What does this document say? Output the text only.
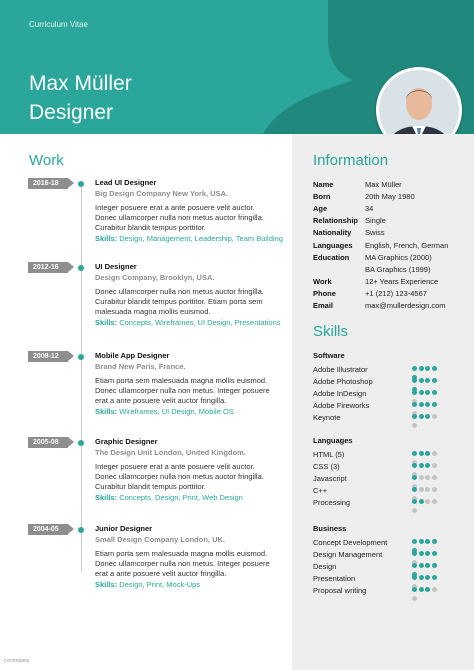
Curriculum Vitae
Max Müller
Designer
Work	Information
Skills
2016-18	Lead UI Designer
Big Design Company New York, USA.
Integer posuere erat a ante posuere velit auctor.
Donec ullamcorper nulla non metus auctor fringilla.
Curabitur blandit tempus porttitor.
Skills: Design, Management, Leadership, Team Building
2012-16	UI Designer
Design Company, Brooklyn, USA.
Donec ullamcorper nulla non metus auctor fringilla.
Curabitur blandit tempus porttitor. Etiam porta sem
malesuada magna mollis euismod.
Skills: Concepts, Wireframes, UI Design, Presentations
2008-12	Mobile App Designer
Brand New Paris, France.
Etiam porta sem malesuada magna mollis euismod.
Donec ullamcorper nulla non metus. Integer posuere
erat a ante posuere velit auctor fringilla.
Skills: Wireframes, UI Design, Mobile OS
2005-08	Graphic Designer
The Design Unit London, United Kingdom.
Integer posuere erat a ante posuere velit auctor.
Donec ullamcorper nulla non metus auctor fringilla.
Curabitur blandit tempus porttitor.
Skills: Concepts, Design, Print, Web Design
2004-05	Junior Designer
Small Design Company London, UK.
Etiam porta sem malesuada magna mollis euismod.
Donec ullamcorper nulla non metus. Integer posuere
erat a ante posuere velit auctor fringilla.
Skills: Design, Print, Mock-Ups
Name	Max Müller
Born	20th May 1980
Age	34
Relationship Single
Nationality Swiss
Languages English, French, German
Education MA Graphics (2000)
BA Graphics (1999)
Work	12+ Years Experience
Phone	+1 (212) 123-4567
Email	max@mullerdesign.com
Software
Adobe Illustrator
Adobe Photoshop
Adobe InDesign
Adobe Fireworks
Keynote
Languages
HTML (5)
CSS (3)
Javascript
C++
Processing
Business
Concept Development
Design Management
Design
Presentation
Proposal writing
cvcompany
